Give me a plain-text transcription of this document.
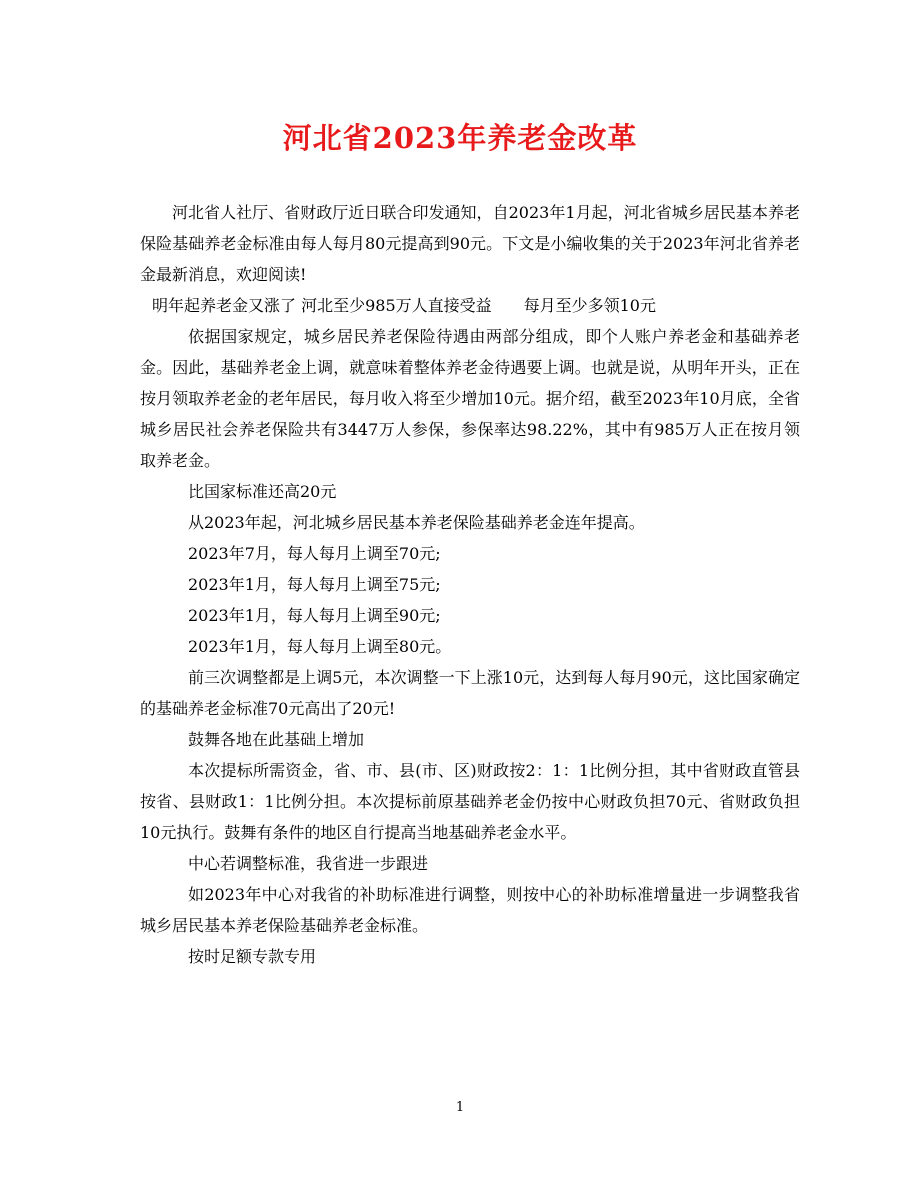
河北省2023年养老金改革

河北省人社厅、省财政厅近日联合印发通知，自2023年1月起，河北省城乡居民基本养老保险基础养老金标准由每人每月80元提高到90元。下文是小编收集的关于2023年河北省养老金最新消息，欢迎阅读!

明年起养老金又涨了 河北至少985万人直接受益　　每月至少多领10元

依据国家规定，城乡居民养老保险待遇由两部分组成，即个人账户养老金和基础养老金。因此，基础养老金上调，就意味着整体养老金待遇要上调。也就是说，从明年开头，正在按月领取养老金的老年居民，每月收入将至少增加10元。据介绍，截至2023年10月底，全省城乡居民社会养老保险共有3447万人参保，参保率达98.22%，其中有985万人正在按月领取养老金。

比国家标准还高20元

从2023年起，河北城乡居民基本养老保险基础养老金连年提高。

2023年7月，每人每月上调至70元;

2023年1月，每人每月上调至75元;

2023年1月，每人每月上调至90元;

2023年1月，每人每月上调至80元。

前三次调整都是上调5元，本次调整一下上涨10元，达到每人每月90元，这比国家确定的基础养老金标准70元高出了20元!

鼓舞各地在此基础上增加

本次提标所需资金，省、市、县(市、区)财政按2：1：1比例分担，其中省财政直管县按省、县财政1：1比例分担。本次提标前原基础养老金仍按中心财政负担70元、省财政负担10元执行。鼓舞有条件的地区自行提高当地基础养老金水平。

中心若调整标准，我省进一步跟进

如2023年中心对我省的补助标准进行调整，则按中心的补助标准增量进一步调整我省城乡居民基本养老保险基础养老金标准。

按时足额专款专用

1
